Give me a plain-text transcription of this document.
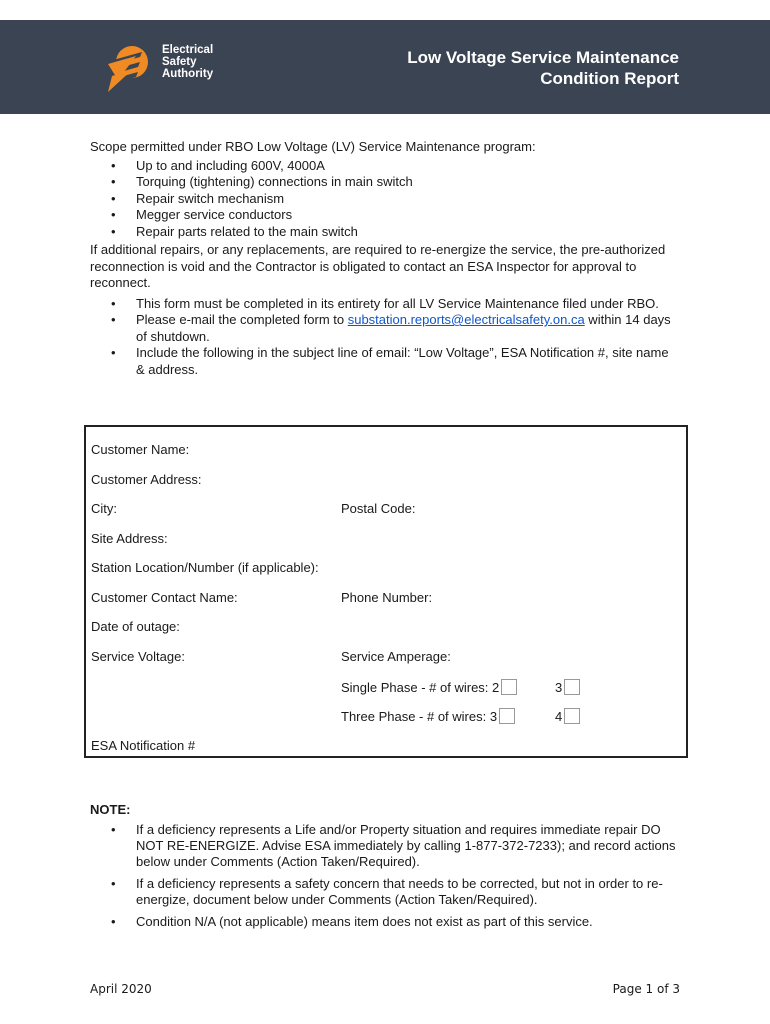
Electrical
Safety
Authority
Low Voltage Service Maintenance
Condition Report

Scope permitted under RBO Low Voltage (LV) Service Maintenance program:

• Up to and including 600V, 4000A
• Torquing (tightening) connections in main switch
• Repair switch mechanism
• Megger service conductors
• Repair parts related to the main switch

If additional repairs, or any replacements, are required to re-energize the service, the pre-authorized reconnection is void and the Contractor is obligated to contact an ESA Inspector for approval to reconnect.

• This form must be completed in its entirety for all LV Service Maintenance filed under RBO.
• Please e-mail the completed form to substation.reports@electricalsafety.on.ca within 14 days of shutdown.
• Include the following in the subject line of email: “Low Voltage”, ESA Notification #, site name & address.
Customer Name:
Customer Address:
City:	Postal Code:
Site Address:
Station Location/Number (if applicable):
Customer Contact Name:	Phone Number:
Date of outage:
Service Voltage:	Service Amperage:
Single Phase - # of wires: 2	3
Three Phase - # of wires: 3	4
ESA Notification #
NOTE:
• If a deficiency represents a Life and/or Property situation and requires immediate repair DO NOT RE-ENERGIZE. Advise ESA immediately by calling 1-877-372-7233); and record actions below under Comments (Action Taken/Required).
• If a deficiency represents a safety concern that needs to be corrected, but not in order to re-energize, document below under Comments (Action Taken/Required).
• Condition N/A (not applicable) means item does not exist as part of this service.
April 2020	Page 1 of 3
